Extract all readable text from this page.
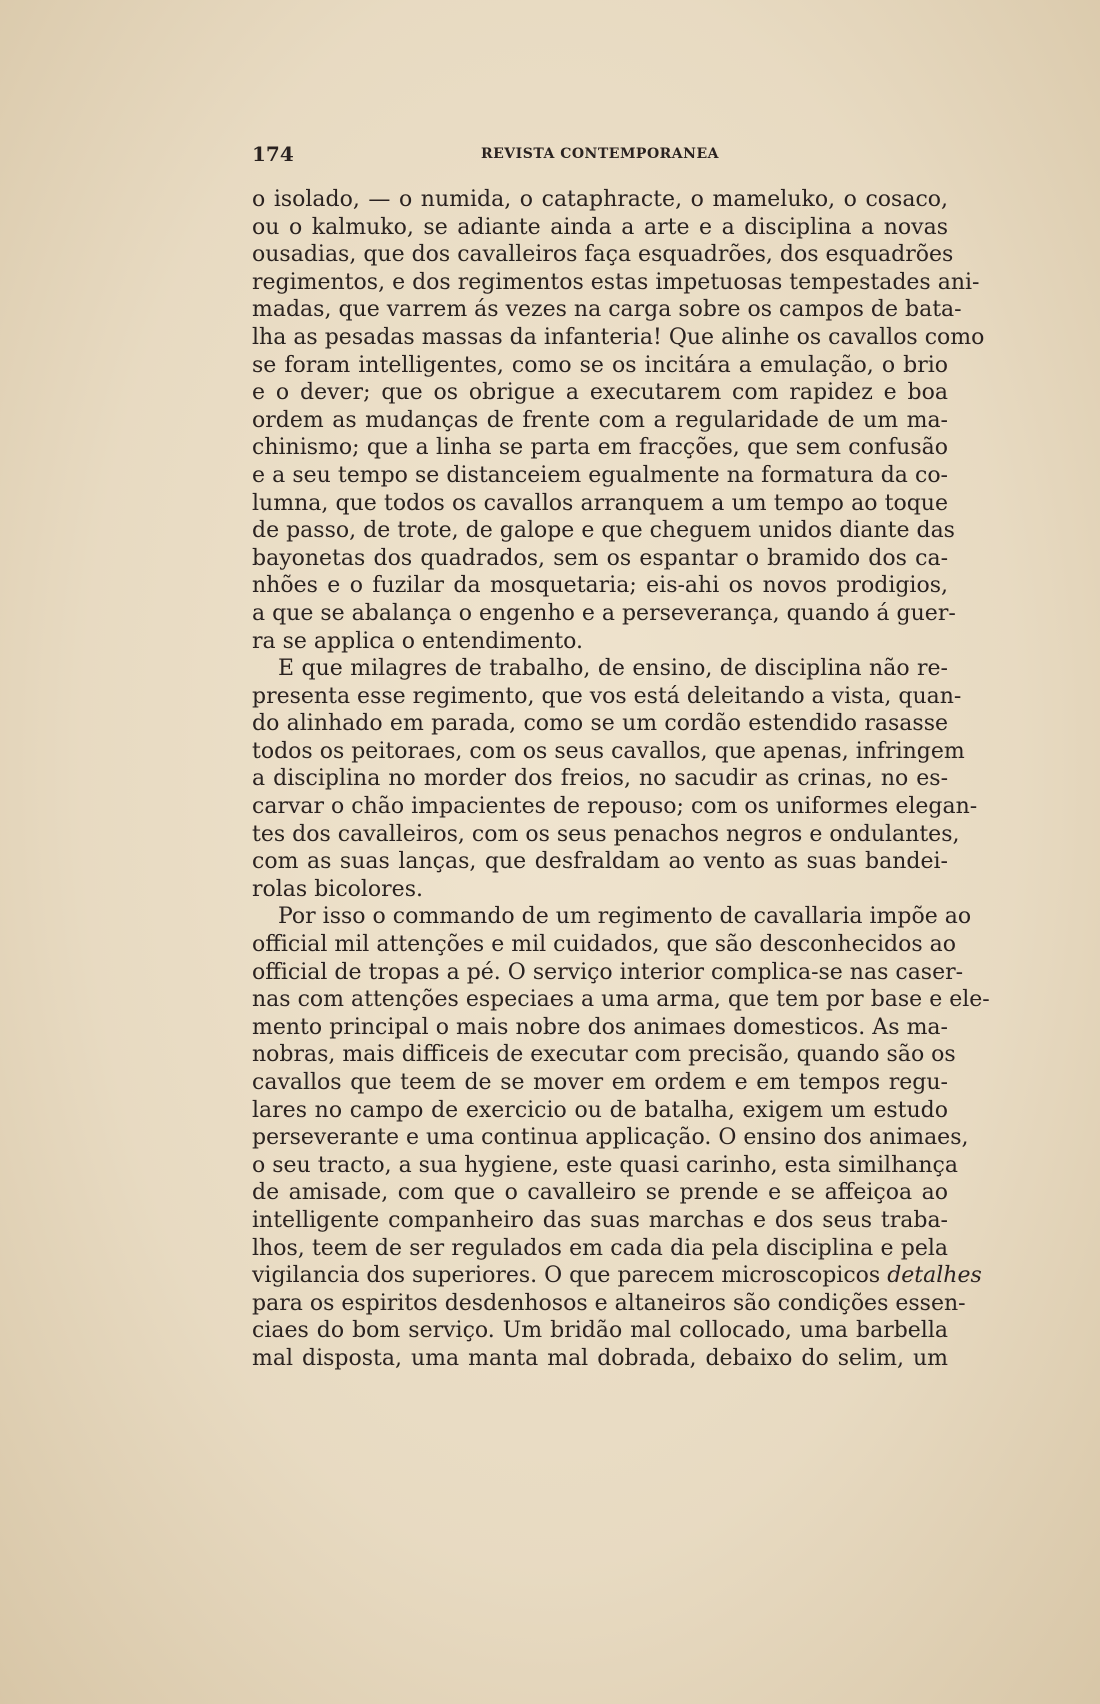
174	REVISTA CONTEMPORANEA
o isolado, — o numida, o cataphracte, o mameluko, o cosaco,
ou o kalmuko, se adiante ainda a arte e a disciplina a novas
ousadias, que dos cavalleiros faça esquadrões, dos esquadrões
regimentos, e dos regimentos estas impetuosas tempestades ani-
madas, que varrem ás vezes na carga sobre os campos de bata-
lha as pesadas massas da infanteria! Que alinhe os cavallos como
se foram intelligentes, como se os incitára a emulação, o brio
e o dever; que os obrigue a executarem com rapidez e boa
ordem as mudanças de frente com a regularidade de um ma-
chinismo; que a linha se parta em fracções, que sem confusão
e a seu tempo se distanceiem egualmente na formatura da co-
lumna, que todos os cavallos arranquem a um tempo ao toque
de passo, de trote, de galope e que cheguem unidos diante das
bayonetas dos quadrados, sem os espantar o bramido dos ca-
nhões e o fuzilar da mosquetaria; eis-ahi os novos prodigios,
a que se abalança o engenho e a perseverança, quando á guer-
ra se applica o entendimento.
E que milagres de trabalho, de ensino, de disciplina não re-
presenta esse regimento, que vos está deleitando a vista, quan-
do alinhado em parada, como se um cordão estendido rasasse
todos os peitoraes, com os seus cavallos, que apenas, infringem
a disciplina no morder dos freios, no sacudir as crinas, no es-
carvar o chão impacientes de repouso; com os uniformes elegan-
tes dos cavalleiros, com os seus penachos negros e ondulantes,
com as suas lanças, que desfraldam ao vento as suas bandei-
rolas bicolores.
Por isso o commando de um regimento de cavallaria impõe ao
official mil attenções e mil cuidados, que são desconhecidos ao
official de tropas a pé. O serviço interior complica-se nas caser-
nas com attenções especiaes a uma arma, que tem por base e ele-
mento principal o mais nobre dos animaes domesticos. As ma-
nobras, mais difficeis de executar com precisão, quando são os
cavallos que teem de se mover em ordem e em tempos regu-
lares no campo de exercicio ou de batalha, exigem um estudo
perseverante e uma continua applicação. O ensino dos animaes,
o seu tracto, a sua hygiene, este quasi carinho, esta similhança
de amisade, com que o cavalleiro se prende e se affeiçoa ao
intelligente companheiro das suas marchas e dos seus traba-
lhos, teem de ser regulados em cada dia pela disciplina e pela
vigilancia dos superiores. O que parecem microscopicos detalhes
para os espiritos desdenhosos e altaneiros são condições essen-
ciaes do bom serviço. Um bridão mal collocado, uma barbella
mal disposta, uma manta mal dobrada, debaixo do selim, um
